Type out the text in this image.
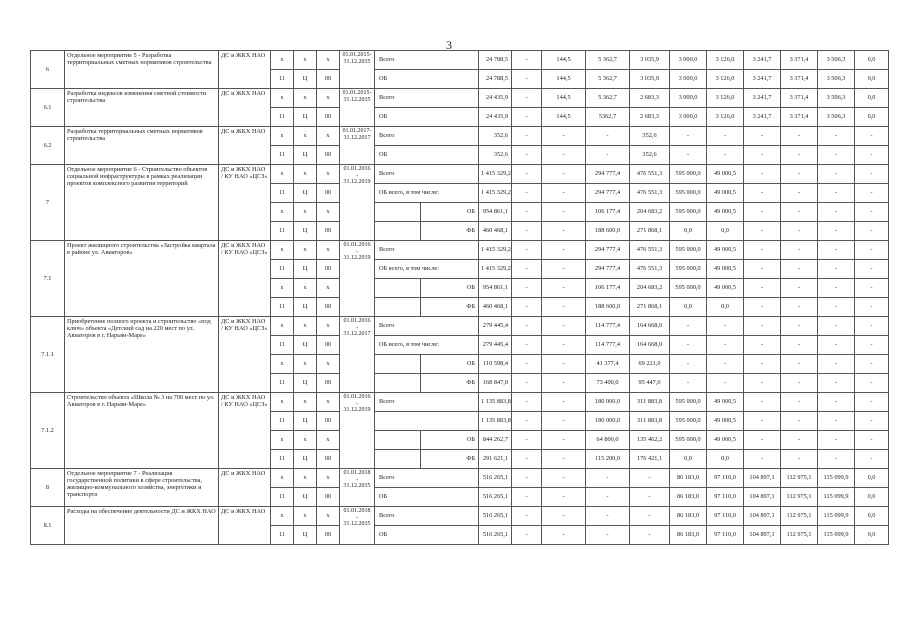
3
6	Отдельное мероприятие 5 - Разработка территориальных сметных нормативов строительства	ДС и ЖКХ НАО	х	х	х	01.01.2015-31.12.2035	Всего		24 788,5	-	144,5	5 362,7	3 035,9	3 000,0	3 126,0	3 241,7	3 371,4	3 506,3	0,0
			11	Ц	00		ОБ		24 788,5	-	144,5	5 362,7	3 035,9	3 000,0	3 126,0	3 241,7	3 371,4	3 506,3	0,0
6.1	Разработка индексов изменения сметной стоимости строительства	ДС и ЖКХ НАО	х	х	х	01.01.2015-31.12.2035	Всего		24 435,9	-	144,5	5 362,7	2 683,3	3 000,0	3 126,0	3 241,7	3 371,4	3 506,3	0,0
			11	Ц	00		ОБ		24 435,9	-	144,5	5362,7	2 683,3	3 000,0	3 126,0	3 241,7	3 371,4	3 506,3	0,0
6.2	Разработка территориальных сметных нормативов строительства	ДС и ЖКХ НАО	х	х	х	01.01.2017-31.12.2017	Всего		352,6	-	-	-	352,6	-	-	-	-	-	-
			11	Ц	00		ОБ		352,6	-	-	-	352,6	-	-	-	-	-	-
7	Отдельное мероприятие 6 - Строительство объектов социальной инфраструктуры в рамках реализации проектов комплексного развития территорий	ДС и ЖКХ НАО / КУ НАО «ЦСЗ»	х	х	х	01.01.2016 - 31.12.2019	Всего		1 415 329,2	-	-	294 777,4	476 551,3	595 000,0	49 000,5	-	-	-	-
			11	Ц	00		ОБ всего, в том числе:		1 415 329,2	-	-	294 777,4	476 551,3	595 000,0	49 000,5	-	-	-	-
			х	х	х			ОБ	954 861,1	-	-	106 177,4	204 683,2	595 000,0	49 000,5	-	-	-	-
			11	Ц	00			ФБ	460 468,1	-	-	188 600,0	271 868,1	0,0	0,0	-	-	-	-
7.1	Проект жилищного строительства «Застройка квартала в районе ул. Авиаторов»	ДС и ЖКХ НАО / КУ НАО «ЦСЗ»	х	х	х	01.01.2016 - 31.12.2019	Всего		1 415 329,2	-	-	294 777,4	476 551,3	595 000,0	49 000,5	-	-	-	-
			11	Ц	00		ОБ всего, в том числе:		1 415 329,2	-	-	294 777,4	476 551,3	595 000,0	49 000,5	-	-	-	-
			х	х	х			ОБ	954 861,1	-	-	106 177,4	204 683,2	595 000,0	49 000,5	-	-	-	-
			11	Ц	00			ФБ	460 468,1	-	-	188 600,0	271 868,1	0,0	0,0	-	-	-	-
7.1.1	Приобретение полного проекта и строительство «под ключ» объекта «Детский сад на 220 мест по ул. Авиаторов в г. Нарьян-Маре»	ДС и ЖКХ НАО / КУ НАО «ЦСЗ»	х	х	х	01.01.2016 - 31.12.2017	Всего		279 445,4	-	-	114 777,4	164 668,0	-	-	-	-	-	-
			11	Ц	00		ОБ всего, в том числе:		279 445,4	-	-	114 777,4	164 668,0	-	-	-	-	-	-
			х	х	х			ОБ	110 598,4	-	-	41 377,4	69 221,0	-	-	-	-	-	-
			11	Ц	00			ФБ	168 847,0	-	-	73 400,0	95 447,0	-	-	-	-	-	-
7.1.2	Строительство объекта «Школа № 3 на 700 мест по ул. Авиаторов в г. Нарьян-Маре»	ДС и ЖКХ НАО / КУ НАО «ЦСЗ»	х	х	х	01.01.2016 - 31.12.2019	Всего		1 135 883,8	-	-	180 000,0	311 883,8	595 000,0	49 000,5	-	-	-	-
			11	Ц	00				1 135 883,8	-	-	180 000,0	311 883,8	595 000,0	49 000,5	-	-	-	-
			х	х	х			ОБ	844 262,7	-	-	64 800,0	135 462,2	595 000,0	49 000,5	-	-	-	-
			11	Ц	00			ФБ	291 621,1	-	-	115 200,0	176 421,1	0,0	0,0	-	-	-	-
8	Отдельное мероприятие 7 - Реализация государственной политики в сфере строительства, жилищно-коммунального хозяйства, энергетики и транспорта	ДС и ЖКХ НАО	х	х	х	01.01.2018 - 31.12.2035	Всего		516 265,1	-	-	-	-	86 183,0	97 110,0	104 897,1	112 975,1	115 099,9	0,0
			11	Ц	00		ОБ		516 265,1	-	-	-	-	86 183,0	97 110,0	104 897,1	112 975,1	115 099,9	0,0
8.1	Расходы на обеспечение деятельности ДС и ЖКХ НАО	ДС и ЖКХ НАО	х	х	х	01.01.2018 - 31.12.2035	Всего		516 265,1	-	-	-	-	86 183,0	97 110,0	104 897,1	112 975,1	115 099,9	0,0
			11	Ц	00		ОБ		516 265,1	-	-	-	-	86 183,0	97 110,0	104 897,1	112 975,1	115 099,9	0,0
